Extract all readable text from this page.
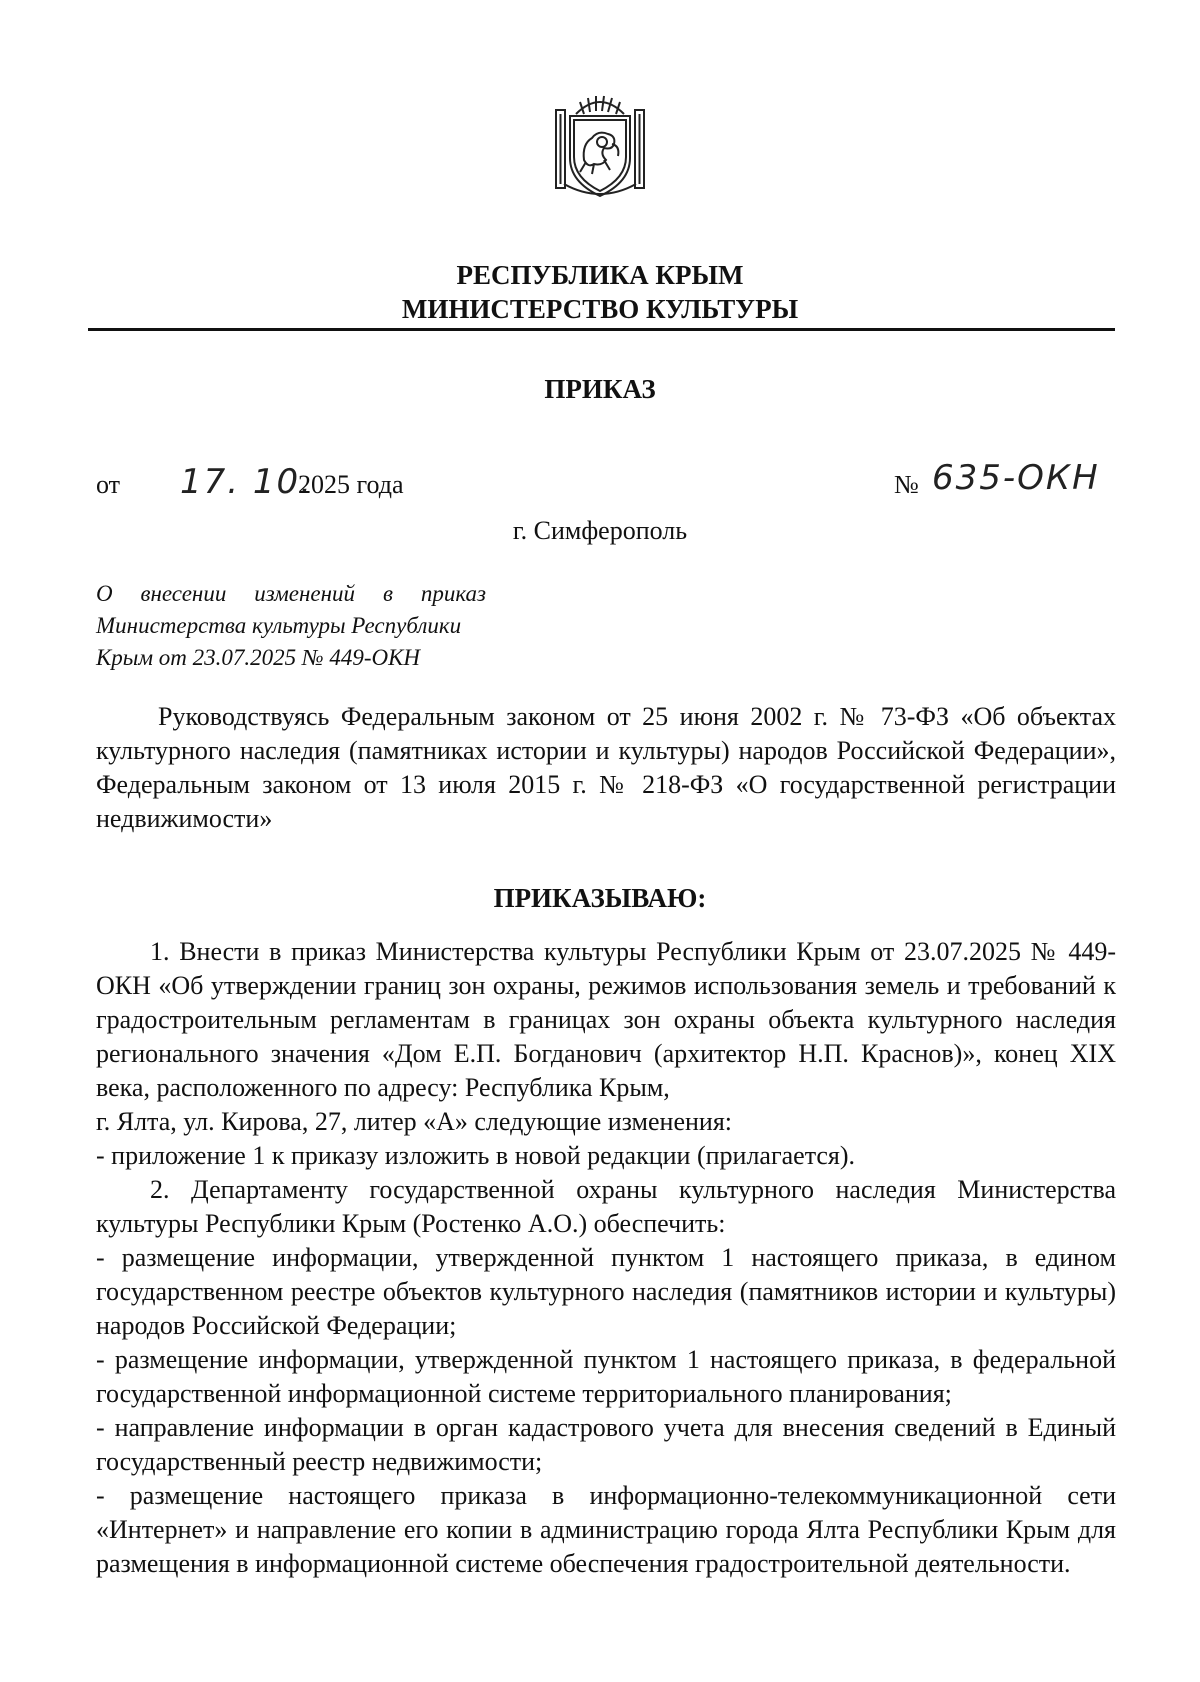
РЕСПУБЛИКА КРЫМ
МИНИСТЕРСТВО КУЛЬТУРЫ
ПРИКАЗ
от 17. 10.
2025 года	№ 635-ОКН
г. Симферополь
О внесении изменений в приказ
Министерства культуры Республики
Крым от 23.07.2025 № 449-ОКН
Руководствуясь Федеральным законом от 25 июня 2002 г. № 73-ФЗ «Об объектах культурного наследия (памятниках истории и культуры) народов Российской Федерации», Федеральным законом от 13 июля 2015 г. № 218-ФЗ «О государственной регистрации недвижимости»
ПРИКАЗЫВАЮ:

1. Внести в приказ Министерства культуры Республики Крым от 23.07.2025 № 449-ОКН «Об утверждении границ зон охраны, режимов использования земель и требований к градостроительным регламентам в границах зон охраны объекта культурного наследия регионального значения «Дом Е.П. Богданович (архитектор Н.П. Краснов)», конец XIX века, расположенного по адресу: Республика Крым,

г. Ялта, ул. Кирова, 27, литер «А» следующие изменения:

- приложение 1 к приказу изложить в новой редакции (прилагается).

2. Департаменту государственной охраны культурного наследия Министерства культуры Республики Крым (Ростенко А.О.) обеспечить:

- размещение информации, утвержденной пунктом 1 настоящего приказа, в едином государственном реестре объектов культурного наследия (памятников истории и культуры) народов Российской Федерации;

- размещение информации, утвержденной пунктом 1 настоящего приказа, в федеральной государственной информационной системе территориального планирования;

- направление информации в орган кадастрового учета для внесения сведений в Единый государственный реестр недвижимости;

- размещение настоящего приказа в информационно-телекоммуникационной сети «Интернет» и направление его копии в администрацию города Ялта Республики Крым для размещения в информационной системе обеспечения градостроительной деятельности.
